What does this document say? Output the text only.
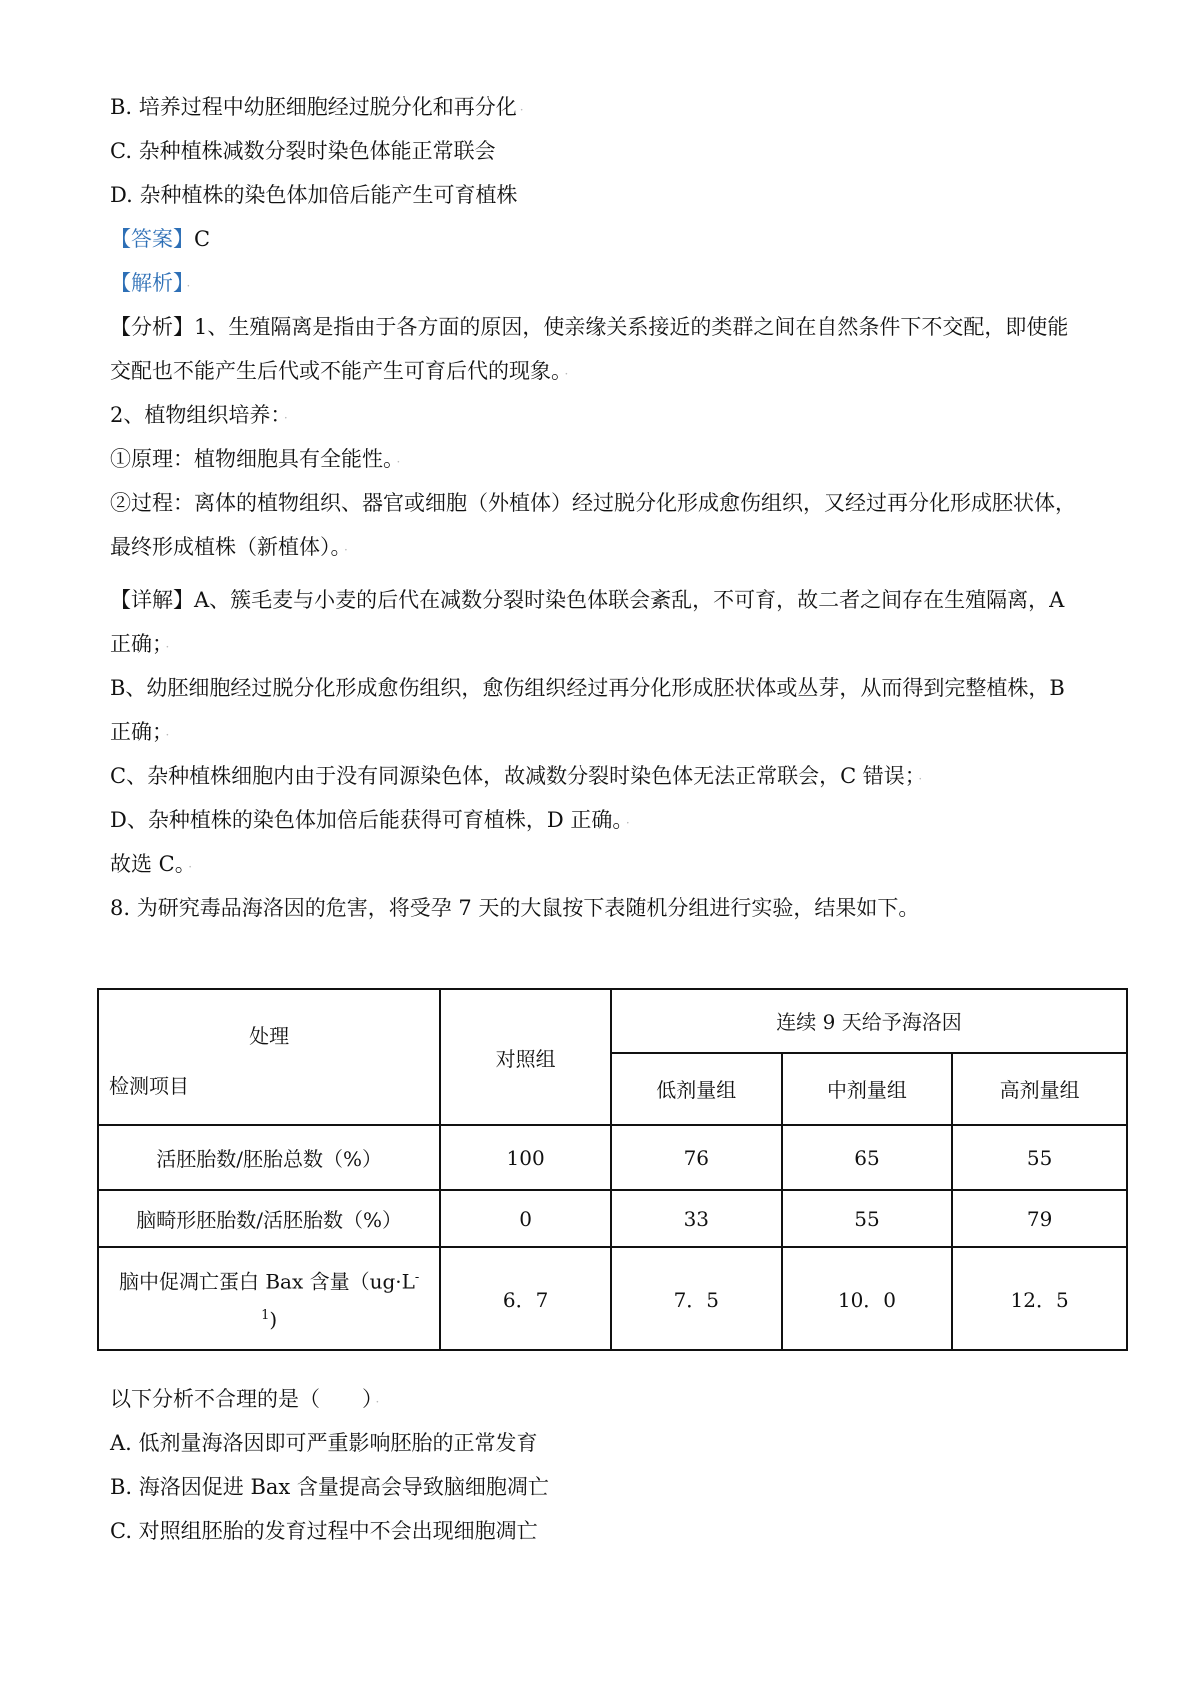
B. 培养过程中幼胚细胞经过脱分化和再分化 ·
C. 杂种植株减数分裂时染色体能正常联会
D. 杂种植株的染色体加倍后能产生可育植株
【答案】C
【解析】 ·
【分析】1、生殖隔离是指由于各方面的原因，使亲缘关系接近的类群之间在自然条件下不交配，即使能
交配也不能产生后代或不能产生可育后代的现象。 ·
2、植物组织培养： ·
①原理：植物细胞具有全能性。 ·
②过程：离体的植物组织、器官或细胞（外植体）经过脱分化形成愈伤组织，又经过再分化形成胚状体，
最终形成植株（新植体）。 ·
【详解】A、簇毛麦与小麦的后代在减数分裂时染色体联会紊乱，不可育，故二者之间存在生殖隔离，A
正确； ·
B、幼胚细胞经过脱分化形成愈伤组织，愈伤组织经过再分化形成胚状体或丛芽，从而得到完整植株，B
正确； ·
C、杂种植株细胞内由于没有同源染色体，故减数分裂时染色体无法正常联会，C 错误； ·
D、杂种植株的染色体加倍后能获得可育植株，D 正确。 ·
故选 C。 ·
8. 为研究毒品海洛因的危害，将受孕 7 天的大鼠按下表随机分组进行实验，结果如下。
处理
检测项目	对照组	连续 9 天给予海洛因		
		低剂量组	中剂量组	高剂量组
活胚胎数/胚胎总数（%）	100	76	65	55
脑畸形胚胎数/活胚胎数（%）	0	33	55	79
脑中促凋亡蛋白 Bax 含量（ug·L-
$^1$)	6．7	7．5	10．0	12．5
以下分析不合理的是（　　） ·
A. 低剂量海洛因即可严重影响胚胎的正常发育
B. 海洛因促进 Bax 含量提高会导致脑细胞凋亡
C. 对照组胚胎的发育过程中不会出现细胞凋亡
